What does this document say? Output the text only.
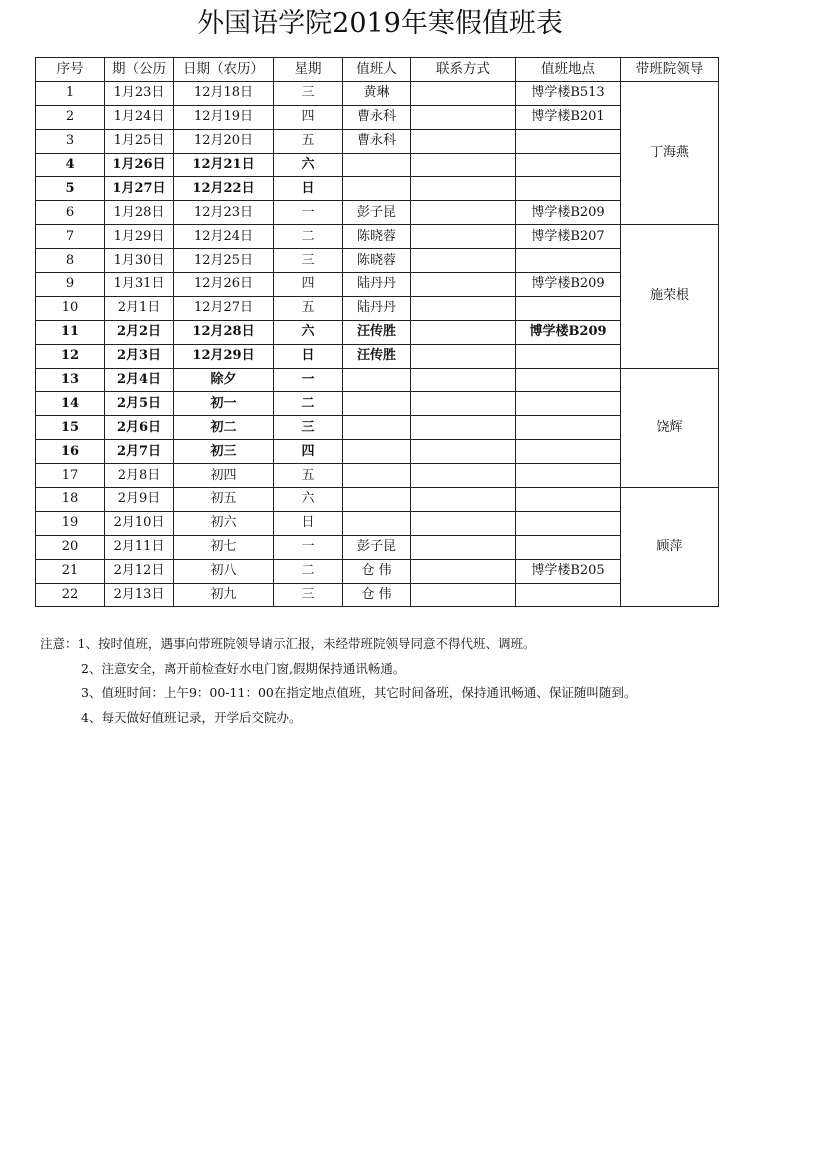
外国语学院2019年寒假值班表
序号	期（公历	日期（农历）	星期	值班人	联系方式	值班地点	带班院领导
1	1月23日	12月18日	三	黄琳		博学楼B513	丁海燕
2	1月24日	12月19日	四	曹永科		博学楼B201	
3	1月25日	12月20日	五	曹永科			
4	1月26日	12月21日	六				
5	1月27日	12月22日	日				
6	1月28日	12月23日	一	彭子昆		博学楼B209	
7	1月29日	12月24日	二	陈晓蓉		博学楼B207	施荣根
8	1月30日	12月25日	三	陈晓蓉			
9	1月31日	12月26日	四	陆丹丹		博学楼B209	
10	2月1日	12月27日	五	陆丹丹			
11	2月2日	12月28日	六	汪传胜		博学楼B209	
12	2月3日	12月29日	日	汪传胜			
13	2月4日	除夕	一				饶辉
14	2月5日	初一	二				
15	2月6日	初二	三				
16	2月7日	初三	四				
17	2月8日	初四	五				
18	2月9日	初五	六				顾萍
19	2月10日	初六	日				
20	2月11日	初七	一	彭子昆			
21	2月12日	初八	二	仓 伟		博学楼B205	
22	2月13日	初九	三	仓 伟			
注意：1、按时值班，遇事向带班院领导请示汇报，未经带班院领导同意不得代班、调班。
2、注意安全，离开前检查好水电门窗,假期保持通讯畅通。
3、值班时间：上午9：00-11：00在指定地点值班，其它时间备班，保持通讯畅通、保证随叫随到。
4、每天做好值班记录，开学后交院办。
